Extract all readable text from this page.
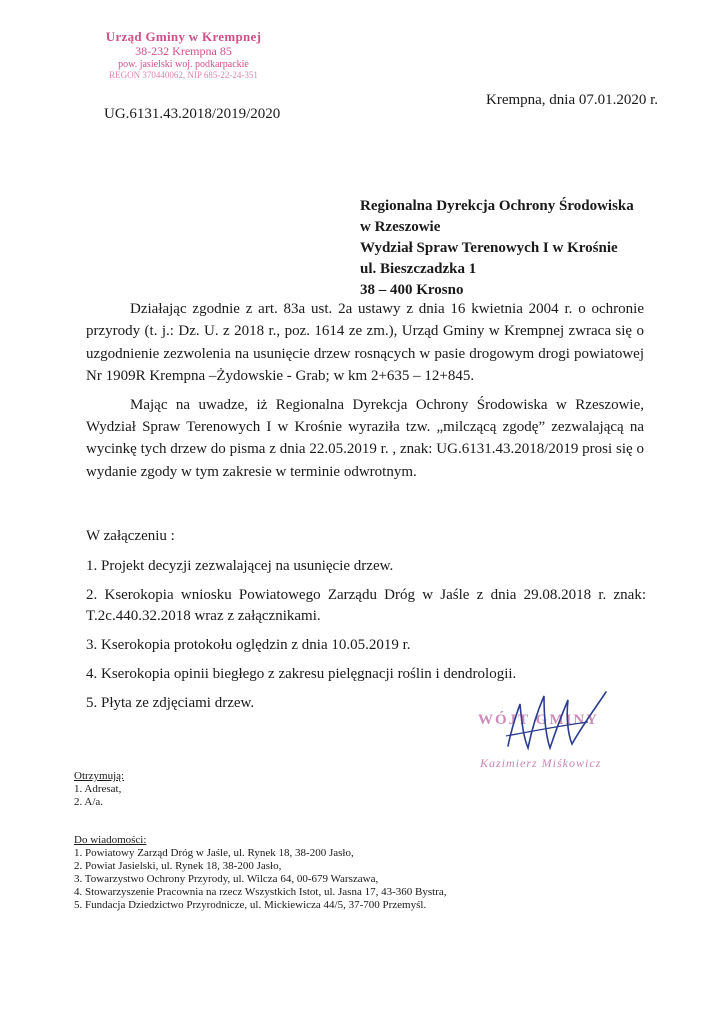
Urząd Gminy w Krempnej
38-232 Krempna 85
pow. jasielski woj. podkarpackie
REGON 370440062, NIP 685-22-24-351
Krempna, dnia 07.01.2020 r.
UG.6131.43.2018/2019/2020
Regionalna Dyrekcja Ochrony Środowiska
w Rzeszowie
Wydział Spraw Terenowych I w Krośnie
ul. Bieszczadzka 1
38 – 400 Krosno

Działając zgodnie z art. 83a ust. 2a ustawy z dnia 16 kwietnia 2004 r. o ochronie przyrody (t. j.: Dz. U. z 2018 r., poz. 1614 ze zm.), Urząd Gminy w Krempnej zwraca się o uzgodnienie zezwolenia na usunięcie drzew rosnących w pasie drogowym drogi powiatowej Nr 1909R Krempna –Żydowskie - Grab; w km 2+635 – 12+845.

Mając na uwadze, iż Regionalna Dyrekcja Ochrony Środowiska w Rzeszowie, Wydział Spraw Terenowych I w Krośnie wyraziła tzw. „milczącą zgodę” zezwalającą na wycinkę tych drzew do pisma z dnia 22.05.2019 r. , znak: UG.6131.43.2018/2019 prosi się o wydanie zgody w tym zakresie w terminie odwrotnym.

W załączeniu :
1. Projekt decyzji zezwalającej na usunięcie drzew.
2. Kserokopia wniosku Powiatowego Zarządu Dróg w Jaśle z dnia 29.08.2018 r. znak: T.2c.440.32.2018 wraz z załącznikami.
3. Kserokopia protokołu oględzin z dnia 10.05.2019 r.
4. Kserokopia opinii biegłego z zakresu pielęgnacji roślin i dendrologii.
5. Płyta ze zdjęciami drzew.
WÓJT GMINY
Kazimierz Miśkowicz
Otrzymują:
1. Adresat,
2. A/a.
Do wiadomości:
1. Powiatowy Zarząd Dróg w Jaśle, ul. Rynek 18, 38-200 Jasło,
2. Powiat Jasielski, ul. Rynek 18, 38-200 Jasło,
3. Towarzystwo Ochrony Przyrody, ul. Wilcza 64, 00-679 Warszawa,
4. Stowarzyszenie Pracownia na rzecz Wszystkich Istot, ul. Jasna 17, 43-360 Bystra,
5. Fundacja Dziedzictwo Przyrodnicze, ul. Mickiewicza 44/5, 37-700 Przemyśl.
